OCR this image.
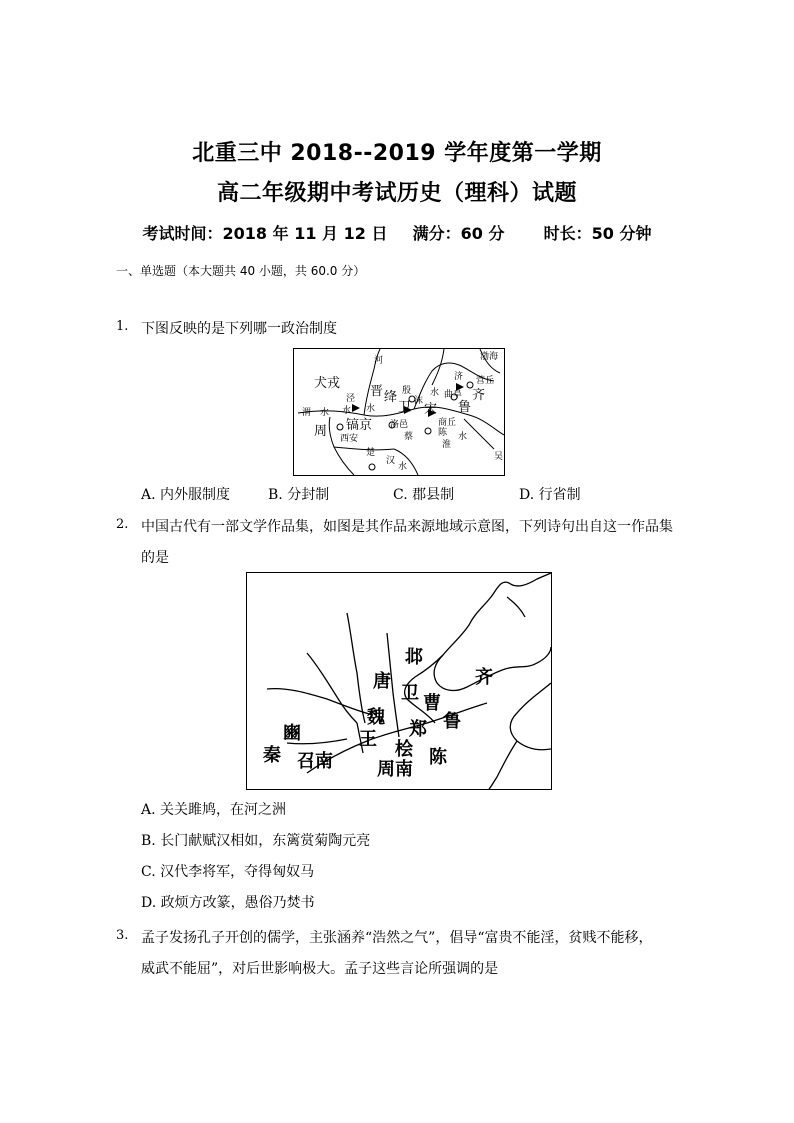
北重三中 2018--2019 学年度第一学期
高二年级期中考试历史（理科）试题
考试时间：2018 年 11 月 12 日 满分：60 分 时长：50 分钟
一、单选题（本大题共 40 小题，共 60.0 分）
1. 下图反映的是下列哪一政治制度
犬戎
河	渤海
晋 殷
济 营丘
绛	水 曲阜 齐
泾
水
渭 水	水 卫 宋 鲁
沫
周 镐京
西安
洛邑	商丘
蔡	陈
淮
水
吴
楚
汉
水
A. 内外服制度	B. 分封制	C. 郡县制	D. 行省制
2. 中国古代有一部文学作品集，如图是其作品来源地域示意图，下列诗句出自这一作品集
的是
邶
齐
唐
卫
魏
曹
鲁
豳	王 郑
秦 召南
桧
周南
陈
A. 关关雎鸠，在河之洲
B. 长门献赋汉相如，东篱赏菊陶元亮
C. 汉代李将军，夺得匈奴马
D. 政烦方改篆，愚俗乃焚书
3. 孟子发扬孔子开创的儒学，主张涵养“浩然之气”，倡导“富贵不能淫，贫贱不能移，
威武不能屈”，对后世影响极大。孟子这些言论所强调的是
